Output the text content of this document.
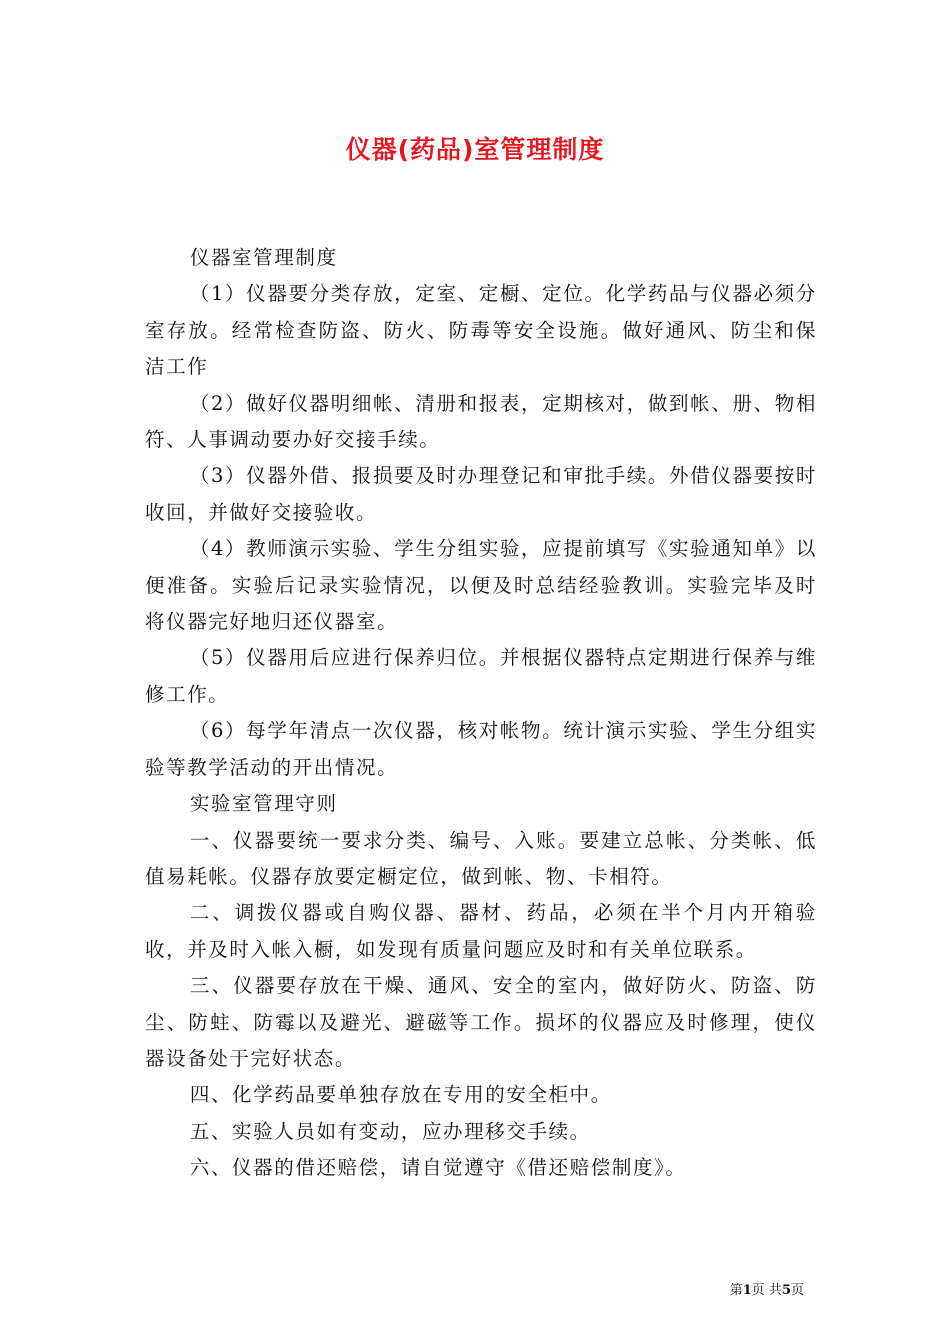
仪器(药品)室管理制度

仪器室管理制度

（1）仪器要分类存放，定室、定橱、定位。化学药品与仪器必须分室存放。经常检查防盗、防火、防毒等安全设施。做好通风、防尘和保洁工作

（2）做好仪器明细帐、清册和报表，定期核对，做到帐、册、物相符、人事调动要办好交接手续。

（3）仪器外借、报损要及时办理登记和审批手续。外借仪器要按时收回，并做好交接验收。

（4）教师演示实验、学生分组实验，应提前填写《实验通知单》以便准备。实验后记录实验情况，以便及时总结经验教训。实验完毕及时将仪器完好地归还仪器室。

（5）仪器用后应进行保养归位。并根据仪器特点定期进行保养与维修工作。

（6）每学年清点一次仪器，核对帐物。统计演示实验、学生分组实验等教学活动的开出情况。

实验室管理守则

一、仪器要统一要求分类、编号、入账。要建立总帐、分类帐、低值易耗帐。仪器存放要定橱定位，做到帐、物、卡相符。

二、调拨仪器或自购仪器、器材、药品，必须在半个月内开箱验收，并及时入帐入橱，如发现有质量问题应及时和有关单位联系。

三、仪器要存放在干燥、通风、安全的室内，做好防火、防盗、防尘、防蛀、防霉以及避光、避磁等工作。损坏的仪器应及时修理，使仪器设备处于完好状态。

四、化学药品要单独存放在专用的安全柜中。

五、实验人员如有变动，应办理移交手续。

六、仪器的借还赔偿，请自觉遵守《借还赔偿制度》。

第1页 共5页
